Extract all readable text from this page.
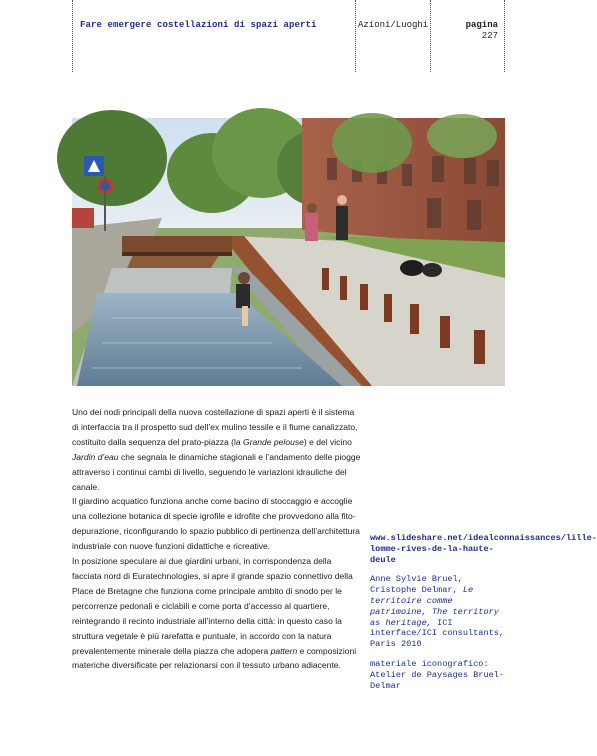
Fare emergere costellazioni di spazi aperti	Azioni/Luoghi	pagina
227

Uno dei nodi principali della nuova costellazione di spazi aperti è il sistema di interfaccia tra il prospetto sud dell’ex mulino tessile e il fiume canalizzato, costituito dalla sequenza del prato-piazza (la Grande pelouse) e del vicino Jardin d’eau che segnala le dinamiche stagionali e l’andamento delle piogge attraverso i continui cambi di livello, seguendo le variazioni idrauliche del canale.

Il giardino acquatico funziona anche come bacino di stoccaggio e accoglie una collezione botanica di specie igrofile e idrofite che provvedono alla fito-depurazione, riconfigurando lo spazio pubblico di pertinenza dell’architettura industriale con nuove funzioni didattiche e ricreative.

In posizione speculare ai due giardini urbani, in corrispondenza della facciata nord di Euratechnologies, si apre il grande spazio connettivo della Place de Bretagne che funziona come principale ambito di snodo per le percorrenze pedonali e ciclabili e come porta d’accesso al quartiere, reintegrando il recinto industriale all’interno della città: in questo caso la struttura vegetale è più rarefatta e puntuale, in accordo con la natura prevalentemente minerale della piazza che adopera pattern e composizioni materiche diversificate per relazionarsi con il tessuto urbano adiacente.

www.slideshare.net/idealconnaissances/lille-lomme-rives-de-la-haute-deule
Anne Sylvie Bruel, Cristophe Delmar, Le territoire comme patrimoine, The territory as heritage, ICI interface/ICI consultants, Paris 2010
materiale iconografico: Atelier de Paysages Bruel-Delmar
